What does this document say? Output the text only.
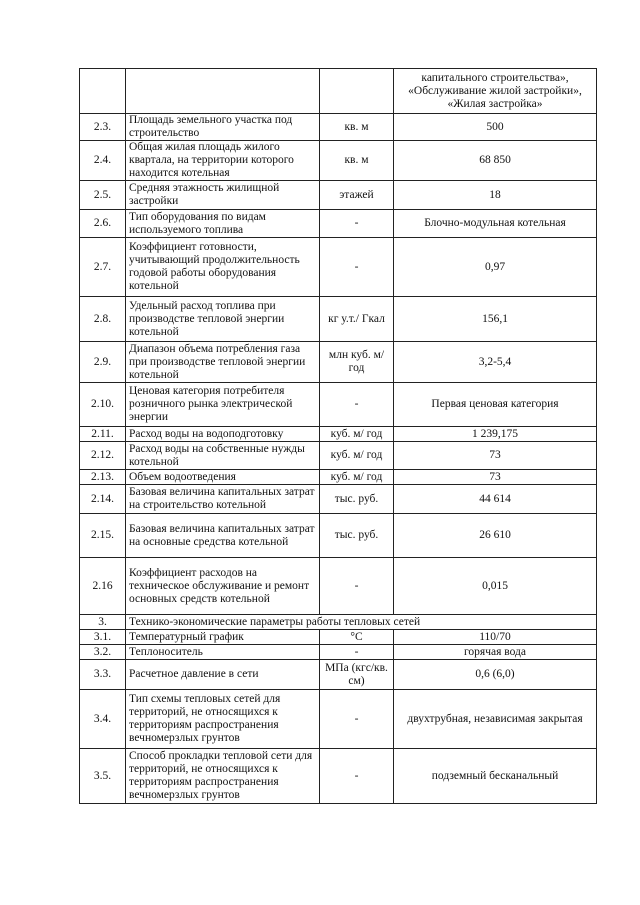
			капитального строительства»,
«Обслуживание жилой застройки»,
«Жилая застройка»

2.3.	Площадь земельного участка под строительство	кв. м	500
2.4.	Общая жилая площадь жилого квартала, на территории которого находится котельная	кв. м	68 850
2.5.	Средняя этажность жилищной застройки	этажей	18
2.6.	Тип оборудования по видам используемого топлива	-	Блочно-модульная котельная
2.7.	Коэффициент готовности, учитывающий продолжительность годовой работы оборудования котельной	-	0,97
2.8.	Удельный расход топлива при производстве тепловой энергии котельной	кг у.т./ Гкал	156,1
2.9.	Диапазон объема потребления газа при производстве тепловой энергии котельной	млн куб. м/ год	3,2-5,4
2.10.	Ценовая категория потребителя розничного рынка электрической энергии	-	Первая ценовая категория
2.11.	Расход воды на водоподготовку	куб. м/ год	1 239,175
2.12.	Расход воды на собственные нужды котельной	куб. м/ год	73
2.13.	Объем водоотведения	куб. м/ год	73
2.14.	Базовая величина капитальных затрат на строительство котельной	тыс. руб.	44 614
2.15.	Базовая величина капитальных затрат на основные средства котельной	тыс. руб.	26 610
2.16	Коэффициент расходов на техническое обслуживание и ремонт основных средств котельной	-	0,015
3.	Технико-экономические параметры работы тепловых сетей		
3.1.	Температурный график	°С	110/70
3.2.	Теплоноситель	-	горячая вода
3.3.	Расчетное давление в сети	МПа (кгс/кв. см)	0,6 (6,0)
3.4.	Тип схемы тепловых сетей для территорий, не относящихся к территориям распространения вечномерзлых грунтов	-	двухтрубная, независимая закрытая
3.5.	Способ прокладки тепловой сети для территорий, не относящихся к территориям распространения вечномерзлых грунтов	-	подземный бесканальный
